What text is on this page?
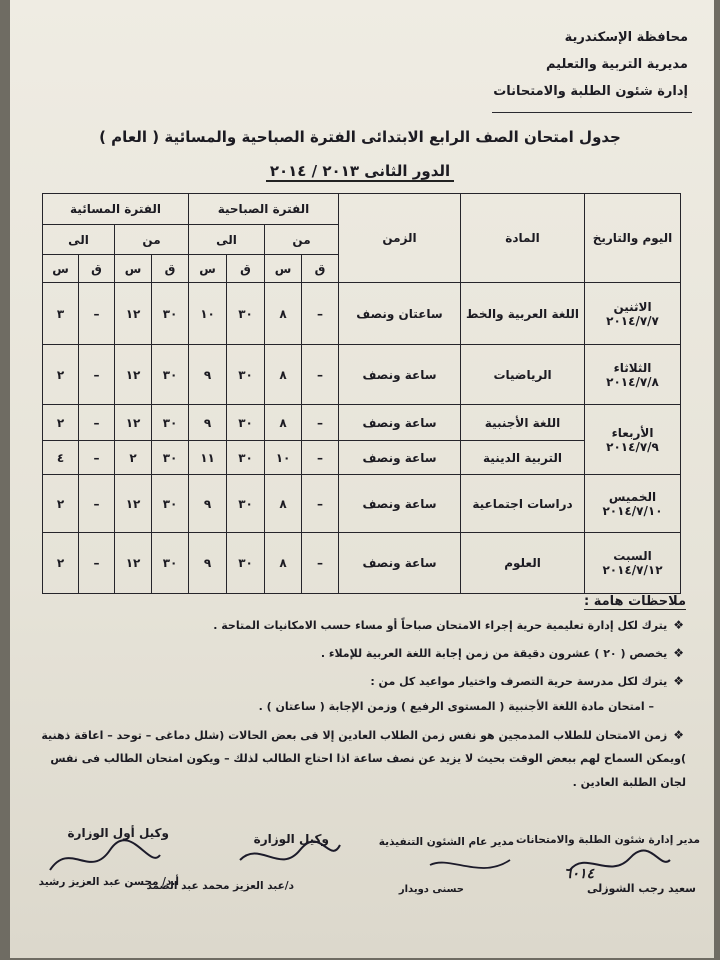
محافظة الإسكندرية
مديرية التربية والتعليم
إدارة شئون الطلبة والامتحانات
جدول امتحان الصف الرابع الابتدائى الفترة الصباحية والمسائية ( العام )
الدور الثانى ٢٠١٣ / ٢٠١٤
اليوم والتاريخ	المادة	الزمن	الفترة الصباحية				الفترة المسائية			
			من		الى		من		الى	
			ق	س	ق	س	ق	س	ق	س

الاثنين
٢٠١٤/٧/٧	اللغة العربية والخط	ساعتان ونصف	–	٨	٣٠	١٠	٣٠	١٢	–	٣

الثلاثاء
٢٠١٤/٧/٨	الرياضيات	ساعة ونصف	–	٨	٣٠	٩	٣٠	١٢	–	٢

الأربعاء
٢٠١٤/٧/٩	اللغة الأجنبية	ساعة ونصف	–	٨	٣٠	٩	٣٠	١٢	–	٢
	التربية الدينية	ساعة ونصف	–	١٠	٣٠	١١	٣٠	٢	–	٤

الخميس
٢٠١٤/٧/١٠	دراسات اجتماعية	ساعة ونصف	–	٨	٣٠	٩	٣٠	١٢	–	٢

السبت
٢٠١٤/٧/١٢	العلوم	ساعة ونصف	–	٨	٣٠	٩	٣٠	١٢	–	٢
ملاحظات هامة :
❖يترك لكل إدارة تعليمية حرية إجراء الامتحان صباحاً أو مساء حسب الامكانيات المتاحة .
❖يخصص ( ٢٠ ) عشرون دقيقة من زمن إجابة اللغة العربية للإملاء .
❖يترك لكل مدرسة حرية التصرف واختيار مواعيد كل من :
– امتحان مادة اللغة الأجنبية ( المستوى الرفيع ) وزمن الإجابة ( ساعتان ) .
❖زمن الامتحان للطلاب المدمجين هو نفس زمن الطلاب العادين إلا فى بعض الحالات (شلل دماغى – توحد – اعاقة ذهنية
)ويمكن السماح لهم ببعض الوقت بحيث لا يزيد عن نصف ساعة اذا احتاج الطالب لذلك – ويكون امتحان الطالب فى نفس
لجان الطلبة العادين .
مدير إدارة شئون الطلبة والامتحانات
سعيد رجب الشوزلى
مدير عام الشئون التنفيذية
حسنى دويدار
وكيل الوزارة
د/عبد العزيز محمد عبد الصمد
وكيل أول الوزارة
أ.د/ محسن عبد العزيز رشيد	٦٠١٤
